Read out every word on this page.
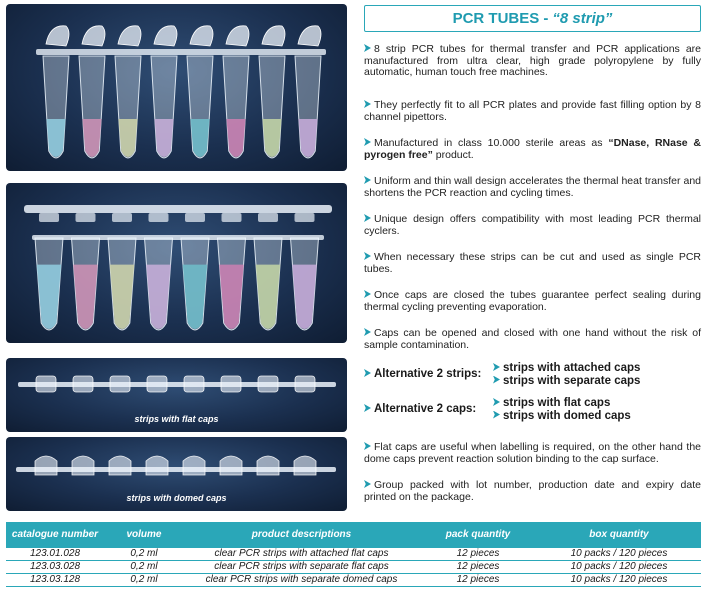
strips with flat caps
strips with domed caps
PCR TUBES - “8 strip”
8 strip PCR tubes for thermal transfer and PCR applications are manufactured from ultra clear, high grade polyropylene by fully automatic, human touch free machines.
They perfectly fit to all PCR plates and provide fast filling option by 8 channel pipettors.
Manufactured in class 10.000 sterile areas as “DNase, RNase & pyrogen free” product.
Uniform and thin wall design accelerates the thermal heat transfer and shortens the PCR reaction and cycling times.
Unique design offers compatibility with most leading PCR thermal cyclers.
When necessary these strips can be cut and used as single PCR tubes.
Once caps are closed the tubes guarantee perfect sealing during thermal cycling preventing evaporation.
Caps can be opened and closed with one hand without the risk of sample contamination.
Flat caps are useful when labelling is required, on the other hand the dome caps prevent reaction solution binding to the cap surface.
Group packed with lot number, production date and expiry date printed on the package.
Alternative 2 strips:	strips with attached caps
strips with separate caps
Alternative 2 caps:	strips with flat caps
strips with domed caps
catalogue number	volume	product descriptions	pack quantity	box quantity
123.01.028	0,2 ml	clear PCR strips with attached flat caps	12 pieces	10 packs / 120 pieces
123.03.028	0,2 ml	clear PCR strips with separate flat caps	12 pieces	10 packs / 120 pieces
123.03.128	0,2 ml	clear PCR strips with separate domed caps	12 pieces	10 packs / 120 pieces
